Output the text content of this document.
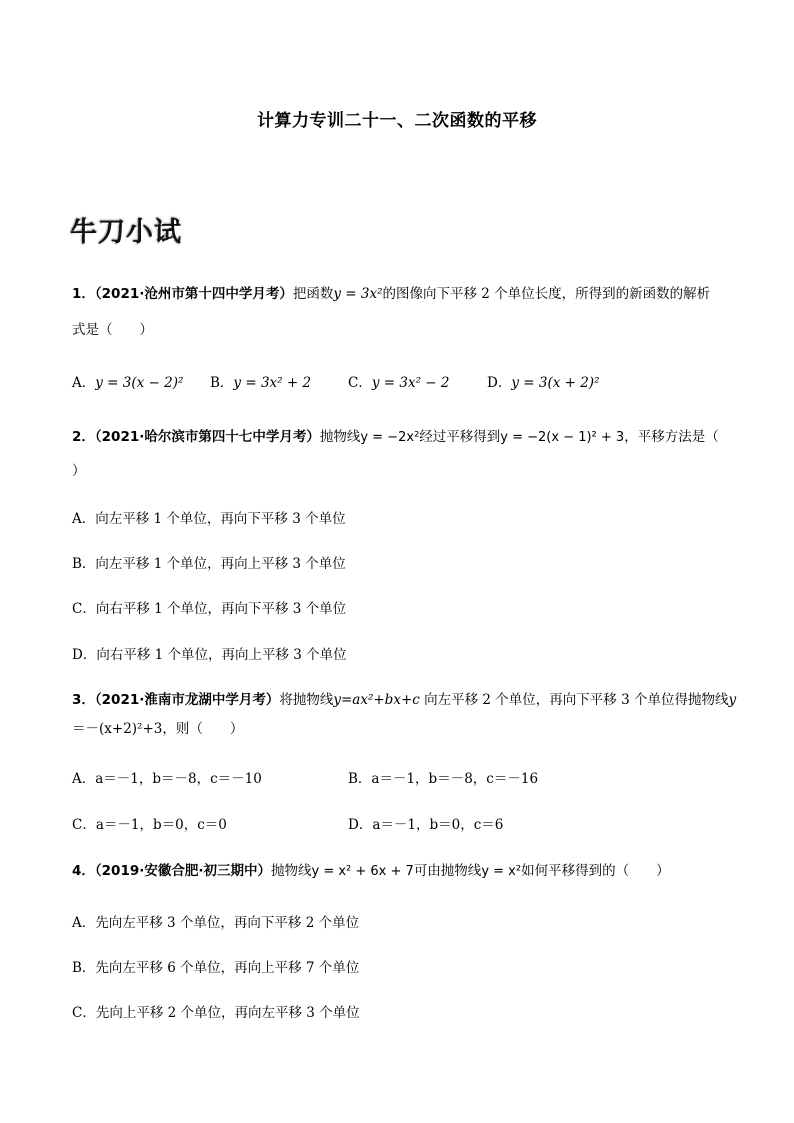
计算力专训二十一、二次函数的平移
牛刀小试
1．（2021·沧州市第十四中学月考）把函数y = 3x²的图像向下平移 2 个单位长度，所得到的新函数的解析
式是（　　）
A．y = 3(x − 2)² B．y = 3x² + 2	C．y = 3x² − 2	D．y = 3(x + 2)²
2．（2021·哈尔滨市第四十七中学月考）抛物线y = −2x²经过平移得到y = −2(x − 1)² + 3，平移方法是（
）
A．向左平移 1 个单位，再向下平移 3 个单位
B．向左平移 1 个单位，再向上平移 3 个单位
C．向右平移 1 个单位，再向下平移 3 个单位
D．向右平移 1 个单位，再向上平移 3 个单位
3．（2021·淮南市龙湖中学月考）将抛物线y=ax²+bx+c 向左平移 2 个单位，再向下平移 3 个单位得抛物线y
＝－(x+2)²+3，则（　　）
A．a＝－1，b＝－8，c＝－10	B．a＝－1，b＝－8，c＝－16
C．a＝－1，b＝0，c＝0	D．a＝－1，b＝0，c＝6
4．（2019·安徽合肥·初三期中）抛物线y = x² + 6x + 7可由抛物线y = x²如何平移得到的（　　）
A．先向左平移 3 个单位，再向下平移 2 个单位
B．先向左平移 6 个单位，再向上平移 7 个单位
C．先向上平移 2 个单位，再向左平移 3 个单位
